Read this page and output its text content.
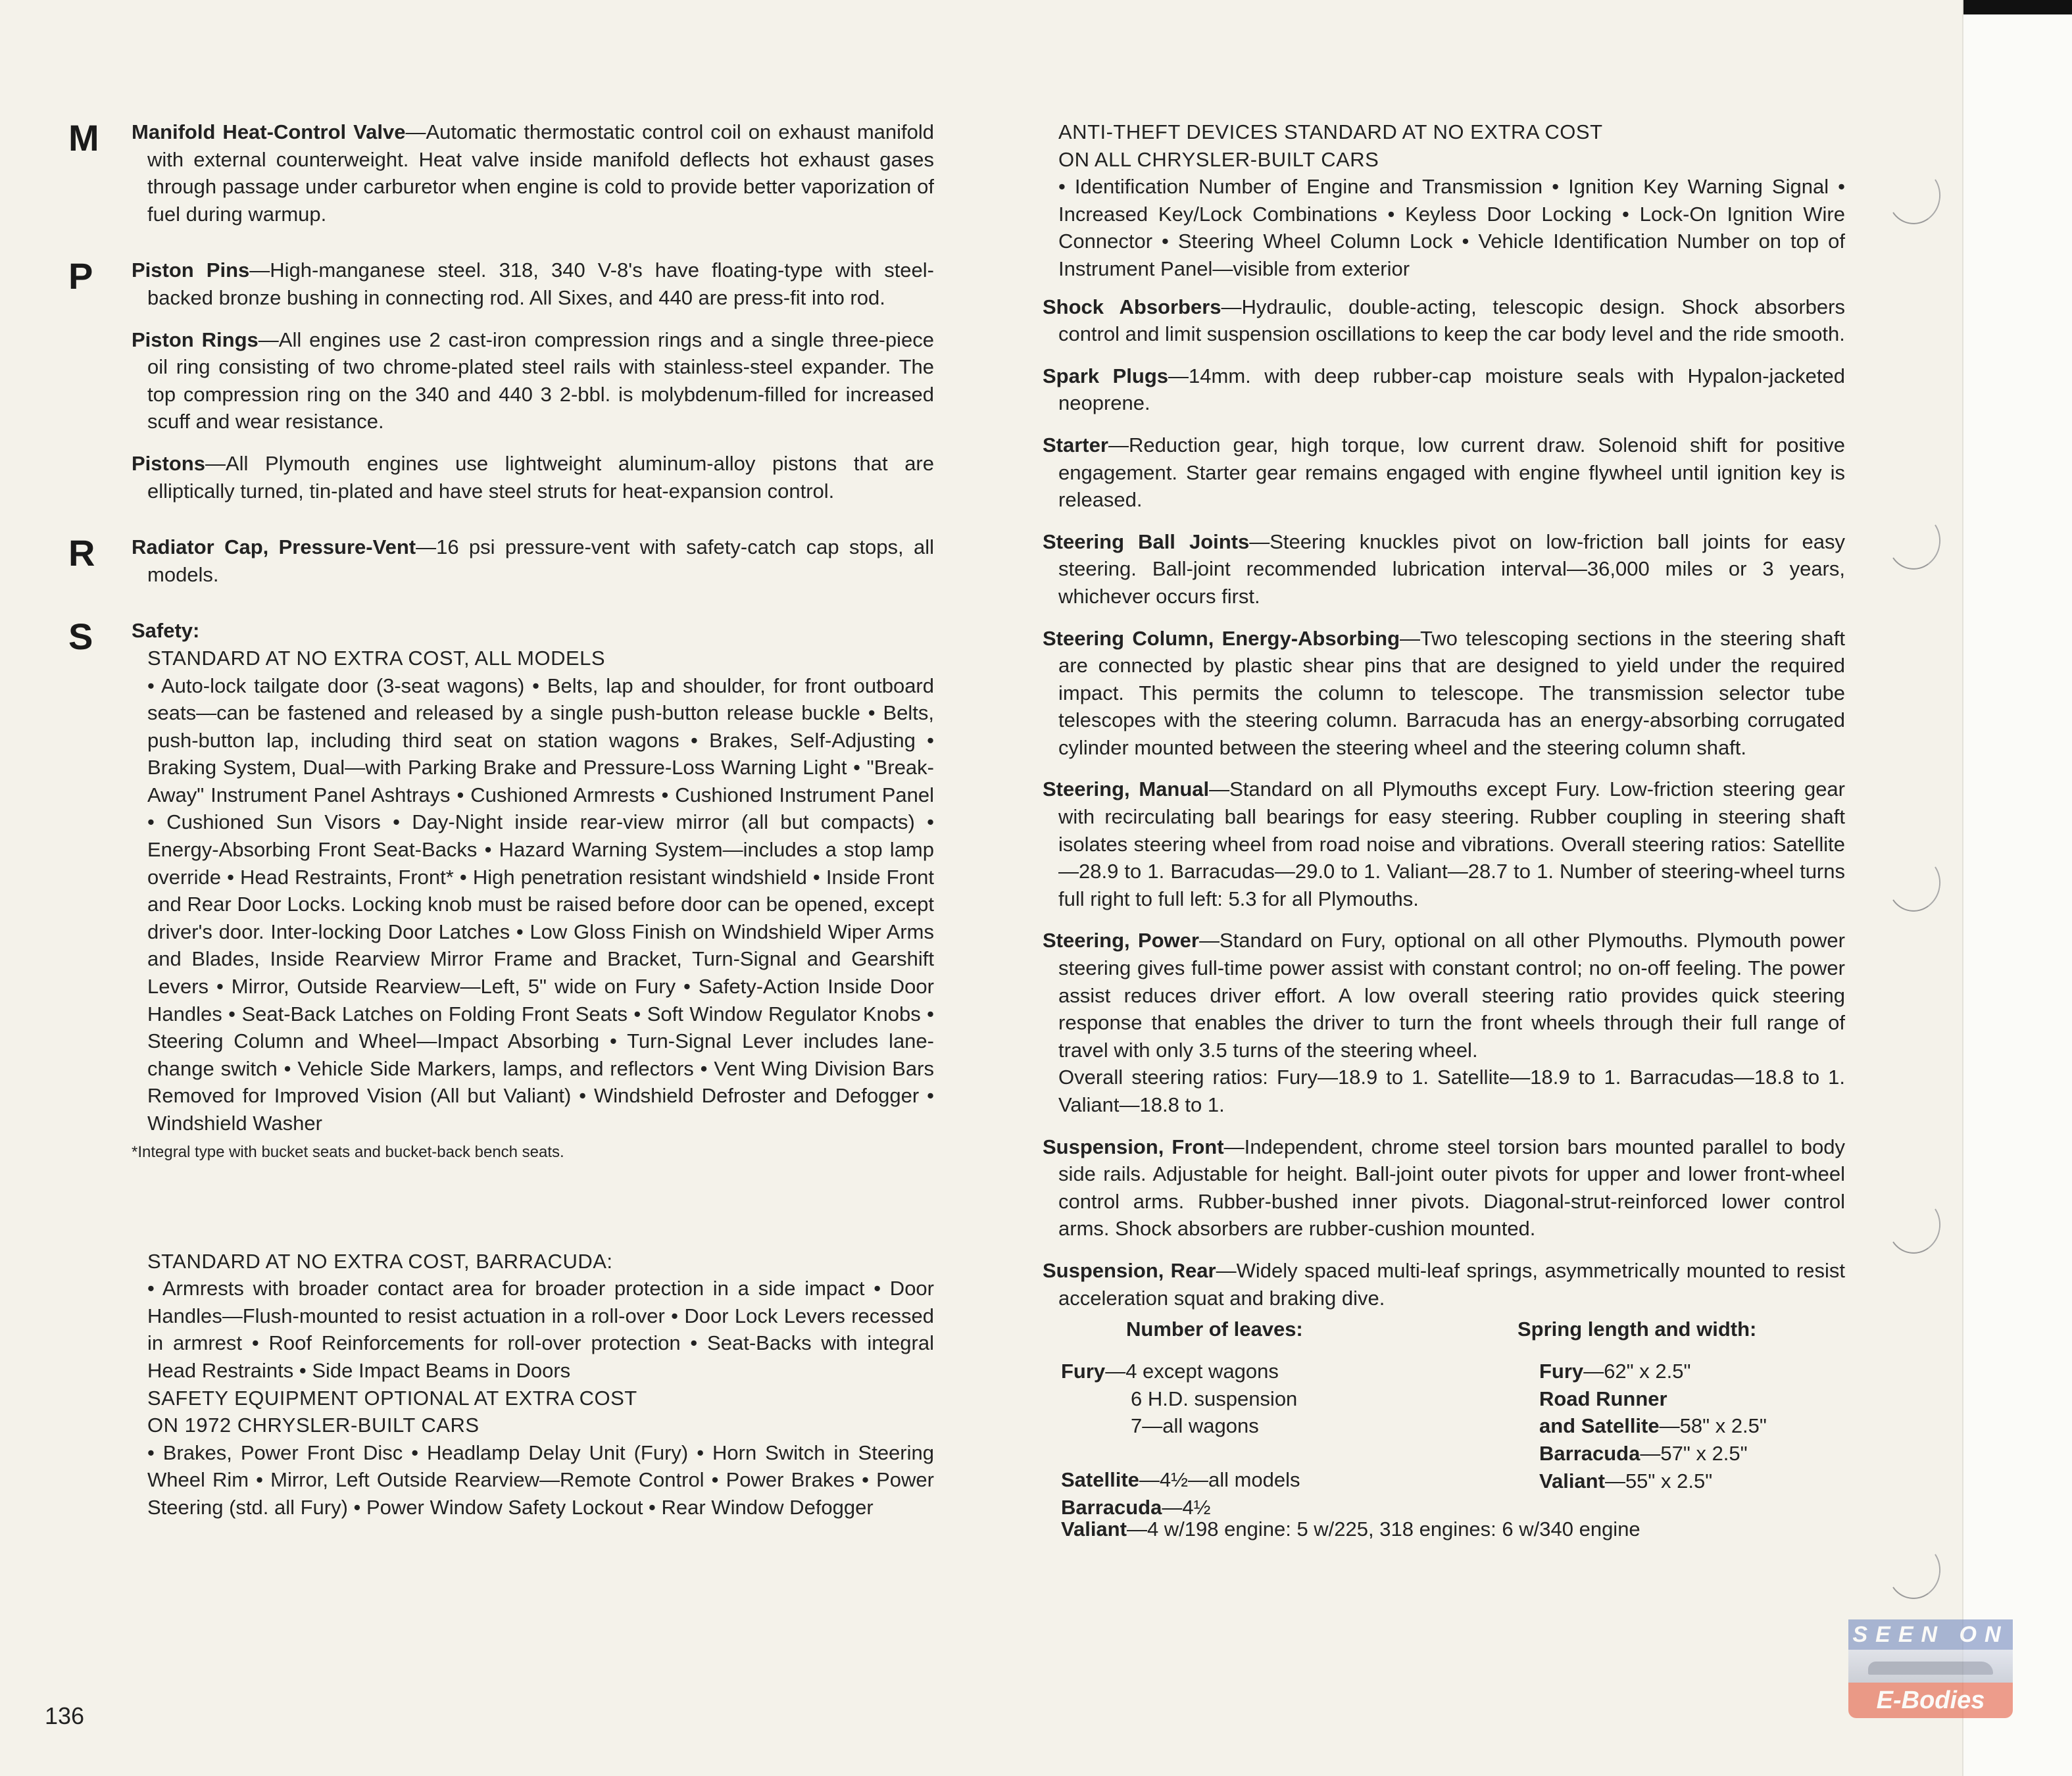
M Manifold Heat-Control Valve—Automatic thermostatic control coil on exhaust manifold with external counterweight. Heat valve inside manifold deflects hot exhaust gases through passage under carburetor when engine is cold to provide better vaporization of fuel during warmup.

P Piston Pins—High-manganese steel. 318, 340 V-8's have floating-type with steel-backed bronze bushing in connecting rod. All Sixes, and 440 are press-fit into rod.

Piston Rings—All engines use 2 cast-iron compression rings and a single three-piece oil ring consisting of two chrome-plated steel rails with stainless-steel expander. The top compression ring on the 340 and 440 3 2-bbl. is molybdenum-filled for increased scuff and wear resistance.

Pistons—All Plymouth engines use lightweight aluminum-alloy pistons that are elliptically turned, tin-plated and have steel struts for heat-expansion control.

R Radiator Cap, Pressure-Vent—16 psi pressure-vent with safety-catch cap stops, all models.

S Safety:

STANDARD AT NO EXTRA COST, ALL MODELS

• Auto-lock tailgate door (3-seat wagons) • Belts, lap and shoulder, for front outboard seats—can be fastened and released by a single push-button release buckle • Belts, push-button lap, including third seat on station wagons • Brakes, Self-Adjusting • Braking System, Dual—with Parking Brake and Pressure-Loss Warning Light • "Break-Away" Instrument Panel Ashtrays • Cushioned Armrests • Cushioned Instrument Panel • Cushioned Sun Visors • Day-Night inside rear-view mirror (all but compacts) • Energy-Absorbing Front Seat-Backs • Hazard Warning System—includes a stop lamp override • Head Restraints, Front* • High penetration resistant windshield • Inside Front and Rear Door Locks. Locking knob must be raised before door can be opened, except driver's door. Inter-locking Door Latches • Low Gloss Finish on Windshield Wiper Arms and Blades, Inside Rearview Mirror Frame and Bracket, Turn-Signal and Gearshift Levers • Mirror, Outside Rearview—Left, 5" wide on Fury • Safety-Action Inside Door Handles • Seat-Back Latches on Folding Front Seats • Soft Window Regulator Knobs • Steering Column and Wheel—Impact Absorbing • Turn-Signal Lever includes lane-change switch • Vehicle Side Markers, lamps, and reflectors • Vent Wing Division Bars Removed for Improved Vision (All but Valiant) • Windshield Defroster and Defogger • Windshield Washer

*Integral type with bucket seats and bucket-back bench seats.

STANDARD AT NO EXTRA COST, BARRACUDA:

• Armrests with broader contact area for broader protection in a side impact • Door Handles—Flush-mounted to resist actuation in a roll-over • Door Lock Levers recessed in armrest • Roof Reinforcements for roll-over protection • Seat-Backs with integral Head Restraints • Side Impact Beams in Doors

SAFETY EQUIPMENT OPTIONAL AT EXTRA COST

ON 1972 CHRYSLER-BUILT CARS

• Brakes, Power Front Disc • Headlamp Delay Unit (Fury) • Horn Switch in Steering Wheel Rim • Mirror, Left Outside Rearview—Remote Control • Power Brakes • Power Steering (std. all Fury) • Power Window Safety Lockout • Rear Window Defogger

ANTI-THEFT DEVICES STANDARD AT NO EXTRA COST

ON ALL CHRYSLER-BUILT CARS

• Identification Number of Engine and Transmission • Ignition Key Warning Signal • Increased Key/Lock Combinations • Keyless Door Locking • Lock-On Ignition Wire Connector • Steering Wheel Column Lock • Vehicle Identification Number on top of Instrument Panel—visible from exterior

Shock Absorbers—Hydraulic, double-acting, telescopic design. Shock absorbers control and limit suspension oscillations to keep the car body level and the ride smooth.

Spark Plugs—14mm. with deep rubber-cap moisture seals with Hypalon-jacketed neoprene.

Starter—Reduction gear, high torque, low current draw. Solenoid shift for positive engagement. Starter gear remains engaged with engine flywheel until ignition key is released.

Steering Ball Joints—Steering knuckles pivot on low-friction ball joints for easy steering. Ball-joint recommended lubrication interval—36,000 miles or 3 years, whichever occurs first.

Steering Column, Energy-Absorbing—Two telescoping sections in the steering shaft are connected by plastic shear pins that are designed to yield under the required impact. This permits the column to telescope. The transmission selector tube telescopes with the steering column. Barracuda has an energy-absorbing corrugated cylinder mounted between the steering wheel and the steering column shaft.

Steering, Manual—Standard on all Plymouths except Fury. Low-friction steering gear with recirculating ball bearings for easy steering. Rubber coupling in steering shaft isolates steering wheel from road noise and vibrations. Overall steering ratios: Satellite—28.9 to 1. Barracudas—29.0 to 1. Valiant—28.7 to 1. Number of steering-wheel turns full right to full left: 5.3 for all Plymouths.

Steering, Power—Standard on Fury, optional on all other Plymouths. Plymouth power steering gives full-time power assist with constant control; no on-off feeling. The power assist reduces driver effort. A low overall steering ratio provides quick steering response that enables the driver to turn the front wheels through their full range of travel with only 3.5 turns of the steering wheel.

Overall steering ratios: Fury—18.9 to 1. Satellite—18.9 to 1. Barracudas—18.8 to 1. Valiant—18.8 to 1.

Suspension, Front—Independent, chrome steel torsion bars mounted parallel to body side rails. Adjustable for height. Ball-joint outer pivots for upper and lower front-wheel control arms. Rubber-bushed inner pivots. Diagonal-strut-reinforced lower control arms. Shock absorbers are rubber-cushion mounted.

Suspension, Rear—Widely spaced multi-leaf springs, asymmetrically mounted to resist acceleration squat and braking dive.

Number of leaves:	Spring length and width:

Fury—4 except wagons

6 H.D. suspension

7—all wagons

Satellite—4½—all models

Barracuda—4½

Fury—62" x 2.5"

Road Runner

and Satellite—58" x 2.5"

Barracuda—57" x 2.5"

Valiant—55" x 2.5"

Valiant—4 w/198 engine: 5 w/225, 318 engines: 6 w/340 engine

136
SEEN ON
E-Bodies
